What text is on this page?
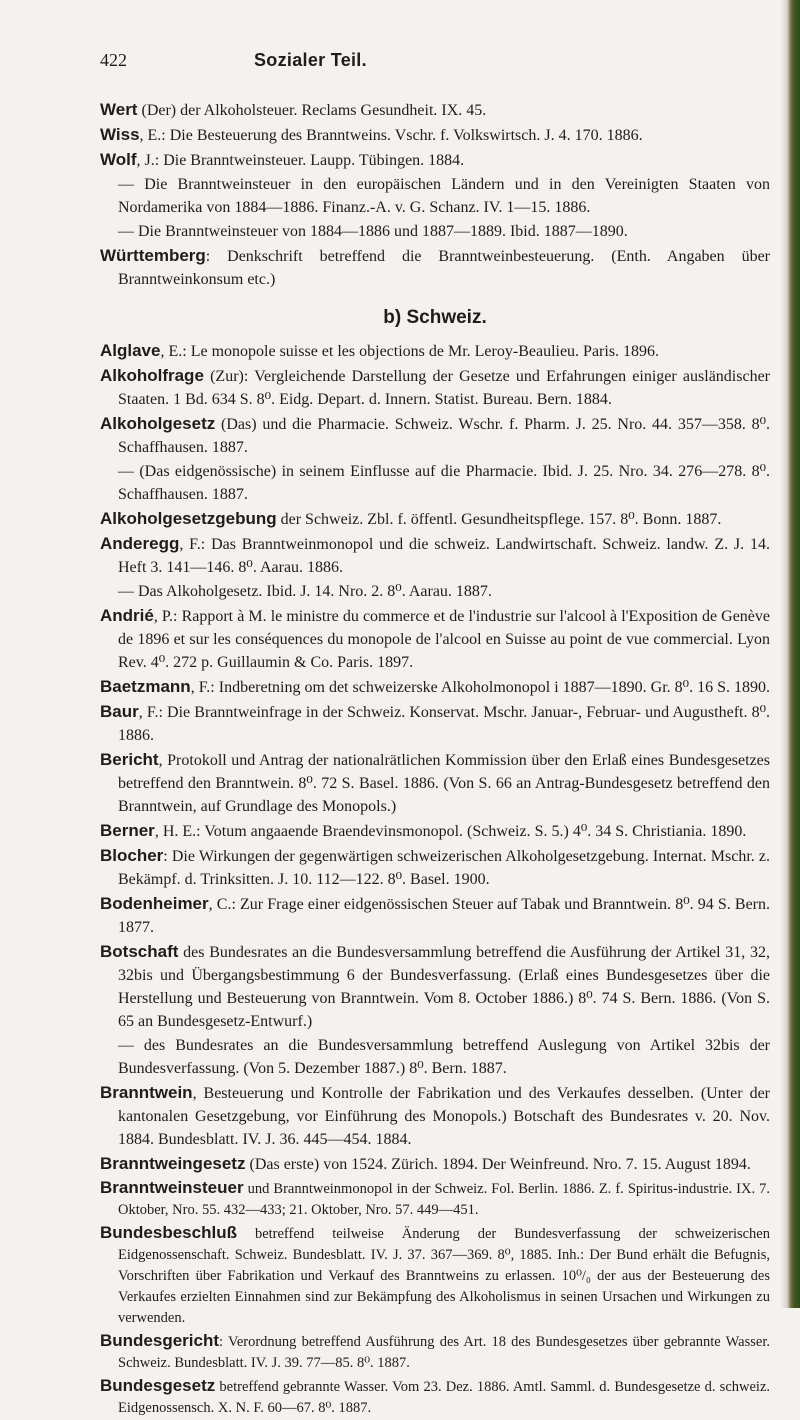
422	Sozialer Teil.
Wert (Der) der Alkoholsteuer. Reclams Gesundheit. IX. 45.
Wiss, E.: Die Besteuerung des Branntweins. Vschr. f. Volkswirtsch. J. 4. 170. 1886.
Wolf, J.: Die Branntweinsteuer. Laupp. Tübingen. 1884.
— Die Branntweinsteuer in den europäischen Ländern und in den Vereinigten Staaten von Nordamerika von 1884—1886. Finanz.-A. v. G. Schanz. IV. 1—15. 1886.
— Die Branntweinsteuer von 1884—1886 und 1887—1889. Ibid. 1887—1890.
Württemberg: Denkschrift betreffend die Branntweinbesteuerung. (Enth. Angaben über Branntweinkonsum etc.)
b) Schweiz.
Alglave, E.: Le monopole suisse et les objections de Mr. Leroy-Beaulieu. Paris. 1896.
Alkoholfrage (Zur): Vergleichende Darstellung der Gesetze und Erfahrungen einiger ausländischer Staaten. 1 Bd. 634 S. 8⁰. Eidg. Depart. d. Innern. Statist. Bureau. Bern. 1884.
Alkoholgesetz (Das) und die Pharmacie. Schweiz. Wschr. f. Pharm. J. 25. Nro. 44. 357—358. 8⁰. Schaffhausen. 1887.
— (Das eidgenössische) in seinem Einflusse auf die Pharmacie. Ibid. J. 25. Nro. 34. 276—278. 8⁰. Schaffhausen. 1887.
Alkoholgesetzgebung der Schweiz. Zbl. f. öffentl. Gesundheitspflege. 157. 8⁰. Bonn. 1887.
Anderegg, F.: Das Branntweinmonopol und die schweiz. Landwirtschaft. Schweiz. landw. Z. J. 14. Heft 3. 141—146. 8⁰. Aarau. 1886.
— Das Alkoholgesetz. Ibid. J. 14. Nro. 2. 8⁰. Aarau. 1887.
Andrié, P.: Rapport à M. le ministre du commerce et de l'industrie sur l'alcool à l'Exposition de Genève de 1896 et sur les conséquences du monopole de l'alcool en Suisse au point de vue commercial. Lyon Rev. 4⁰. 272 p. Guillaumin & Co. Paris. 1897.
Baetzmann, F.: Indberetning om det schweizerske Alkoholmonopol i 1887—1890. Gr. 8⁰. 16 S. 1890.
Baur, F.: Die Branntweinfrage in der Schweiz. Konservat. Mschr. Januar-, Februar- und Augustheft. 8⁰. 1886.
Bericht, Protokoll und Antrag der nationalrätlichen Kommission über den Erlaß eines Bundesgesetzes betreffend den Branntwein. 8⁰. 72 S. Basel. 1886. (Von S. 66 an Antrag-Bundesgesetz betreffend den Branntwein, auf Grundlage des Monopols.)
Berner, H. E.: Votum angaaende Braendevinsmonopol. (Schweiz. S. 5.) 4⁰. 34 S. Christiania. 1890.
Blocher: Die Wirkungen der gegenwärtigen schweizerischen Alkoholgesetzgebung. Internat. Mschr. z. Bekämpf. d. Trinksitten. J. 10. 112—122. 8⁰. Basel. 1900.
Bodenheimer, C.: Zur Frage einer eidgenössischen Steuer auf Tabak und Branntwein. 8⁰. 94 S. Bern. 1877.
Botschaft des Bundesrates an die Bundesversammlung betreffend die Ausführung der Artikel 31, 32, 32bis und Übergangsbestimmung 6 der Bundesverfassung. (Erlaß eines Bundesgesetzes über die Herstellung und Besteuerung von Branntwein. Vom 8. October 1886.) 8⁰. 74 S. Bern. 1886. (Von S. 65 an Bundesgesetz-Entwurf.)
— des Bundesrates an die Bundesversammlung betreffend Auslegung von Artikel 32bis der Bundesverfassung. (Von 5. Dezember 1887.) 8⁰. Bern. 1887.
Branntwein, Besteuerung und Kontrolle der Fabrikation und des Verkaufes desselben. (Unter der kantonalen Gesetzgebung, vor Einführung des Monopols.) Botschaft des Bundesrates v. 20. Nov. 1884. Bundesblatt. IV. J. 36. 445—454. 1884.
Branntweingesetz (Das erste) von 1524. Zürich. 1894. Der Weinfreund. Nro. 7. 15. August 1894.
Branntweinsteuer und Branntweinmonopol in der Schweiz. Fol. Berlin. 1886. Z. f. Spiritus-industrie. IX. 7. Oktober, Nro. 55. 432—433; 21. Oktober, Nro. 57. 449—451.
Bundesbeschluß betreffend teilweise Änderung der Bundesverfassung der schweizerischen Eidgenossenschaft. Schweiz. Bundesblatt. IV. J. 37. 367—369. 8⁰, 1885. Inh.: Der Bund erhält die Befugnis, Vorschriften über Fabrikation und Verkauf des Branntweins zu erlassen. 10⁰/₀ der aus der Besteuerung des Verkaufes erzielten Einnahmen sind zur Bekämpfung des Alkoholismus in seinen Ursachen und Wirkungen zu verwenden.
Bundesgericht: Verordnung betreffend Ausführung des Art. 18 des Bundesgesetzes über gebrannte Wasser. Schweiz. Bundesblatt. IV. J. 39. 77—85. 8⁰. 1887.
Bundesgesetz betreffend gebrannte Wasser. Vom 23. Dez. 1886. Amtl. Samml. d. Bundesgesetze d. schweiz. Eidgenossensch. X. N. F. 60—67. 8⁰. 1887.
